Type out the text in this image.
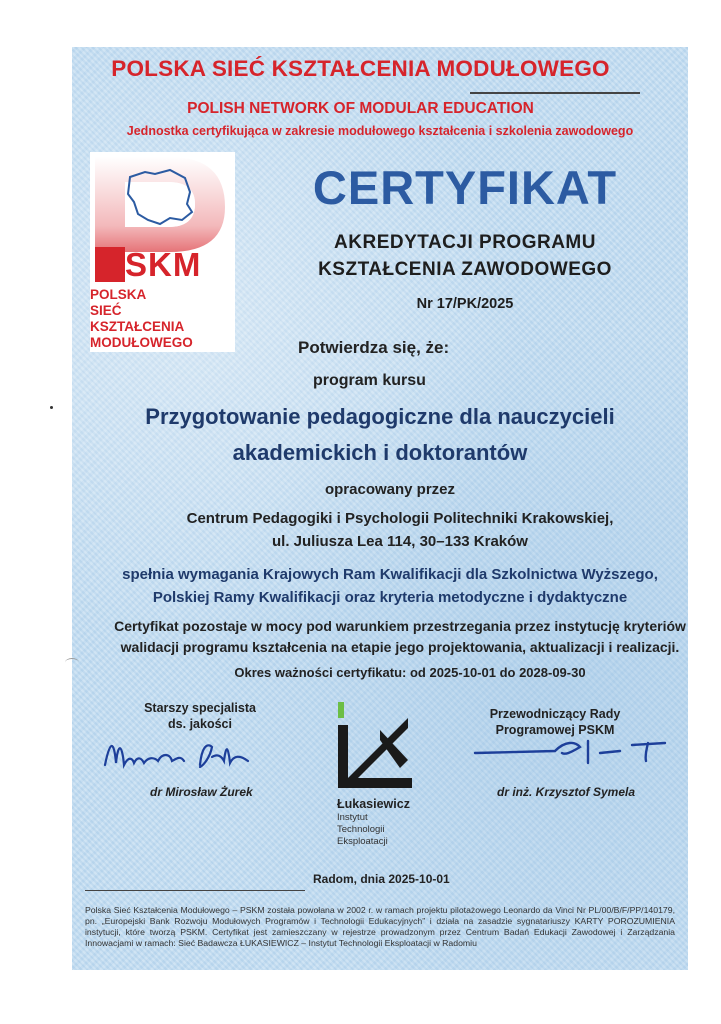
POLSKA SIEĆ KSZTAŁCENIA MODUŁOWEGO
POLISH NETWORK OF MODULAR EDUCATION
Jednostka certyfikująca w zakresie modułowego kształcenia i szkolenia zawodowego
SKM
POLSKA
SIEĆ
KSZTAŁCENIA
MODUŁOWEGO
CERTYFIKAT
AKREDYTACJI PROGRAMU
KSZTAŁCENIA ZAWODOWEGO
Nr 17/PK/2025
Potwierdza się, że:
program kursu
Przygotowanie pedagogiczne dla nauczycieli
akademickich i doktorantów
opracowany przez
Centrum Pedagogiki i Psychologii Politechniki Krakowskiej,
ul. Juliusza Lea 114, 30–133 Kraków
spełnia wymagania Krajowych Ram Kwalifikacji dla Szkolnictwa Wyższego,
Polskiej Ramy Kwalifikacji oraz kryteria metodyczne i dydaktyczne
Certyfikat pozostaje w mocy pod warunkiem przestrzegania przez instytucję kryteriów
walidacji programu kształcenia na etapie jego projektowania, aktualizacji i realizacji.
Okres ważności certyfikatu: od 2025-10-01 do 2028-09-30
Starszy specjalista
ds. jakości
dr Mirosław Żurek
Łukasiewicz
Instytut
Technologii
Eksploatacji
Przewodniczący Rady
Programowej PSKM
dr inż. Krzysztof Symela
Radom, dnia 2025-10-01
Polska Sieć Kształcenia Modułowego – PSKM została powołana w 2002 r. w ramach projektu pilotażowego Leonardo da Vinci Nr PL/00/B/F/PP/140179, pn. „Europejski Bank Rozwoju Modułowych Programów i Technologii Edukacyjnych” i działa na zasadzie sygnatariuszy KARTY POROZUMIENIA instytucji, które tworzą PSKM. Certyfikat jest zamieszczany w rejestrze prowadzonym przez Centrum Badań Edukacji Zawodowej i Zarządzania Innowacjami w ramach: Sieć Badawcza ŁUKASIEWICZ – Instytut Technologii Eksploatacji w Radomiu
